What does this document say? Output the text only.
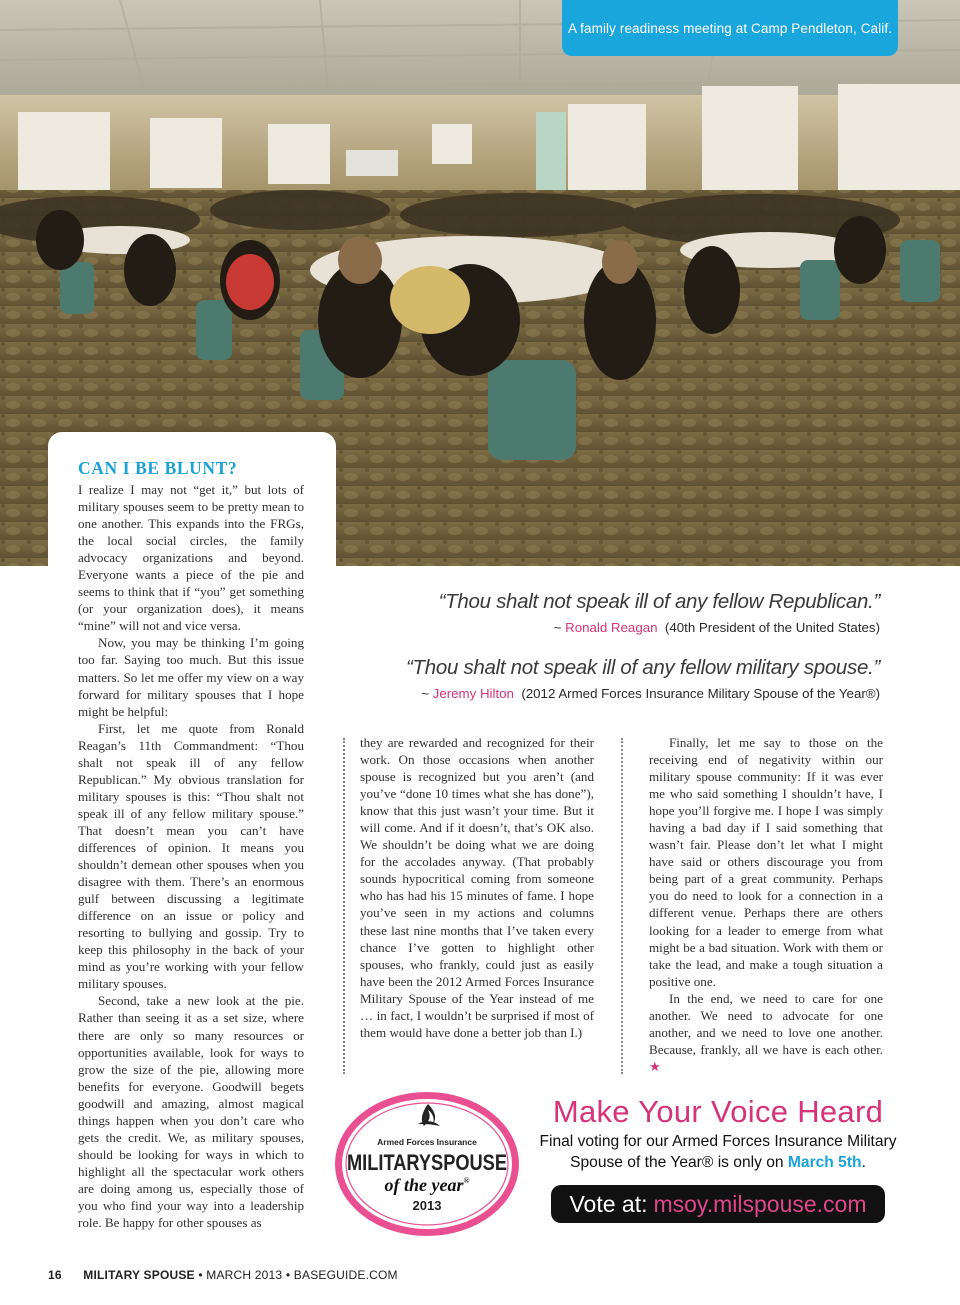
A family readiness meeting at Camp Pendleton, Calif.
CAN I BE BLUNT?

I realize I may not “get it,” but lots of military spouses seem to be pretty mean to one another. This expands into the FRGs, the local social circles, the family advocacy organizations and beyond. Everyone wants a piece of the pie and seems to think that if “you” get something (or your organization does), it means “mine” will not and vice versa.

Now, you may be thinking I’m going too far. Saying too much. But this issue matters. So let me offer my view on a way forward for military spouses that I hope might be helpful:

First, let me quote from Ronald Reagan’s 11th Commandment: “Thou shalt not speak ill of any fellow Republican.” My obvious translation for military spouses is this: “Thou shalt not speak ill of any fellow military spouse.” That doesn’t mean you can’t have differences of opinion. It means you shouldn’t demean other spouses when you disagree with them. There’s an enormous gulf between discussing a legitimate difference on an issue or policy and resorting to bullying and gossip. Try to keep this philosophy in the back of your mind as you’re working with your fellow military spouses.

Second, take a new look at the pie. Rather than seeing it as a set size, where there are only so many resources or opportunities available, look for ways to grow the size of the pie, allowing more benefits for everyone. Goodwill begets goodwill and amazing, almost magical things happen when you don’t care who gets the credit. We, as military spouses, should be looking for ways in which to highlight all the spectacular work others are doing among us, especially those of you who find your way into a leadership role. Be happy for other spouses as

“Thou shalt not speak ill of any fellow Republican.”
~ Ronald Reagan (40th President of the United States)
“Thou shalt not speak ill of any fellow military spouse.”
~ Jeremy Hilton (2012 Armed Forces Insurance Military Spouse of the Year®)

they are rewarded and recognized for their work. On those occasions when another spouse is recognized but you aren’t (and you’ve “done 10 times what she has done”), know that this just wasn’t your time. But it will come. And if it doesn’t, that’s OK also. We shouldn’t be doing what we are doing for the accolades anyway. (That probably sounds hypocritical coming from someone who has had his 15 minutes of fame. I hope you’ve seen in my actions and columns these last nine months that I’ve taken every chance I’ve gotten to highlight other spouses, who frankly, could just as easily have been the 2012 Armed Forces Insurance Military Spouse of the Year instead of me … in fact, I wouldn’t be surprised if most of them would have done a better job than I.)

Finally, let me say to those on the receiving end of negativity within our military spouse community: If it was ever me who said something I shouldn’t have, I hope you’ll forgive me. I hope I was simply having a bad day if I said something that wasn’t fair. Please don’t let what I might have said or others discourage you from being part of a great community. Perhaps you do need to look for a connection in a different venue. Perhaps there are others looking for a leader to emerge from what might be a bad situation. Work with them or take the lead, and make a tough situation a positive one.

In the end, we need to care for one another. We need to advocate for one another, and we need to love one another. Because, frankly, all we have is each other. ★

Armed Forces Insurance
MILITARYSPOUSE
of the year®
2013
Make Your Voice Heard
Final voting for our Armed Forces Insurance Military Spouse of the Year® is only on March 5th.
Vote at: msoy.milspouse.com
16 MILITARY SPOUSE • MARCH 2013 • BASEGUIDE.COM
